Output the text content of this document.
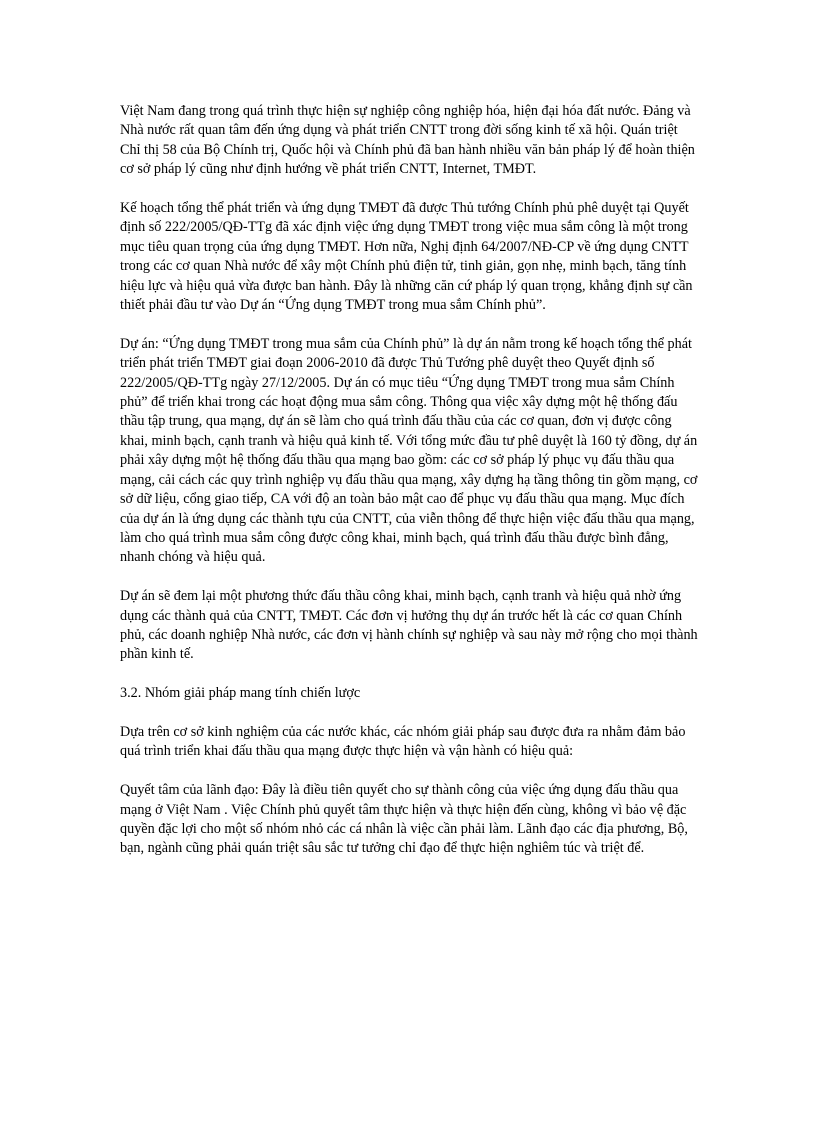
Việt Nam đang trong quá trình thực hiện sự nghiệp công nghiệp hóa, hiện đại hóa đất nước. Đảng và Nhà nước rất quan tâm đến ứng dụng và phát triển CNTT trong đời sống kinh tế xã hội. Quán triệt Chỉ thị 58 của Bộ Chính trị, Quốc hội và Chính phủ đã ban hành nhiều văn bản pháp lý để hoàn thiện cơ sở pháp lý cũng như định hướng về phát triển CNTT, Internet, TMĐT.

Kế hoạch tổng thể phát triển và ứng dụng TMĐT đã được Thủ tướng Chính phủ phê duyệt tại Quyết định số 222/2005/QĐ-TTg đã xác định việc ứng dụng TMĐT trong việc mua sắm công là một trong mục tiêu quan trọng của ứng dụng TMĐT. Hơn nữa, Nghị định 64/2007/NĐ-CP về ứng dụng CNTT trong các cơ quan Nhà nước để xây một Chính phủ điện tử, tinh giản, gọn nhẹ, minh bạch, tăng tính hiệu lực và hiệu quả vừa được ban hành. Đây là những căn cứ pháp lý quan trọng, khẳng định sự cần thiết phải đầu tư vào Dự án “Ứng dụng TMĐT trong mua sắm Chính phủ”.

Dự án: “Ứng dụng TMĐT trong mua sắm của Chính phủ” là dự án nằm trong kế hoạch tổng thể phát triển phát triển TMĐT giai đoạn 2006-2010 đã được Thủ Tướng phê duyệt theo Quyết định số 222/2005/QĐ-TTg ngày 27/12/2005. Dự án có mục tiêu “Ứng dụng TMĐT trong mua sắm Chính phủ” để triển khai trong các hoạt động mua sắm công. Thông qua việc xây dựng một hệ thống đấu thầu tập trung, qua mạng, dự án sẽ làm cho quá trình đấu thầu của các cơ quan, đơn vị được công khai, minh bạch, cạnh tranh và hiệu quả kinh tế. Với tổng mức đầu tư phê duyệt là 160 tỷ đồng, dự án phải xây dựng một hệ thống đấu thầu qua mạng bao gồm: các cơ sở pháp lý phục vụ đấu thầu qua mạng, cải cách các quy trình nghiệp vụ đấu thầu qua mạng, xây dựng hạ tầng thông tin gồm mạng, cơ sở dữ liệu, cổng giao tiếp, CA với độ an toàn bảo mật cao để phục vụ đấu thầu qua mạng. Mục đích của dự án là ứng dụng các thành tựu của CNTT, của viễn thông để thực hiện việc đấu thầu qua mạng, làm cho quá trình mua sắm công được công khai, minh bạch, quá trình đấu thầu được bình đẳng, nhanh chóng và hiệu quả.

Dự án sẽ đem lại một phương thức đấu thầu công khai, minh bạch, cạnh tranh và hiệu quả nhờ ứng dụng các thành quả của CNTT, TMĐT. Các đơn vị hưởng thụ dự án trước hết là các cơ quan Chính phủ, các doanh nghiệp Nhà nước, các đơn vị hành chính sự nghiệp và sau này mở rộng cho mọi thành phần kinh tế.

3.2. Nhóm giải pháp mang tính chiến lược

Dựa trên cơ sở kinh nghiệm của các nước khác, các nhóm giải pháp sau được đưa ra nhằm đảm bảo quá trình triển khai đấu thầu qua mạng được thực hiện và vận hành có hiệu quả:

Quyết tâm của lãnh đạo: Đây là điều tiên quyết cho sự thành công của việc ứng dụng đấu thầu qua mạng ở Việt Nam . Việc Chính phủ quyết tâm thực hiện và thực hiện đến cùng, không vì bảo vệ đặc quyền đặc lợi cho một số nhóm nhỏ các cá nhân là việc cần phải làm. Lãnh đạo các địa phương, Bộ, bạn, ngành cũng phải quán triệt sâu sắc tư tưởng chỉ đạo để thực hiện nghiêm túc và triệt để.
